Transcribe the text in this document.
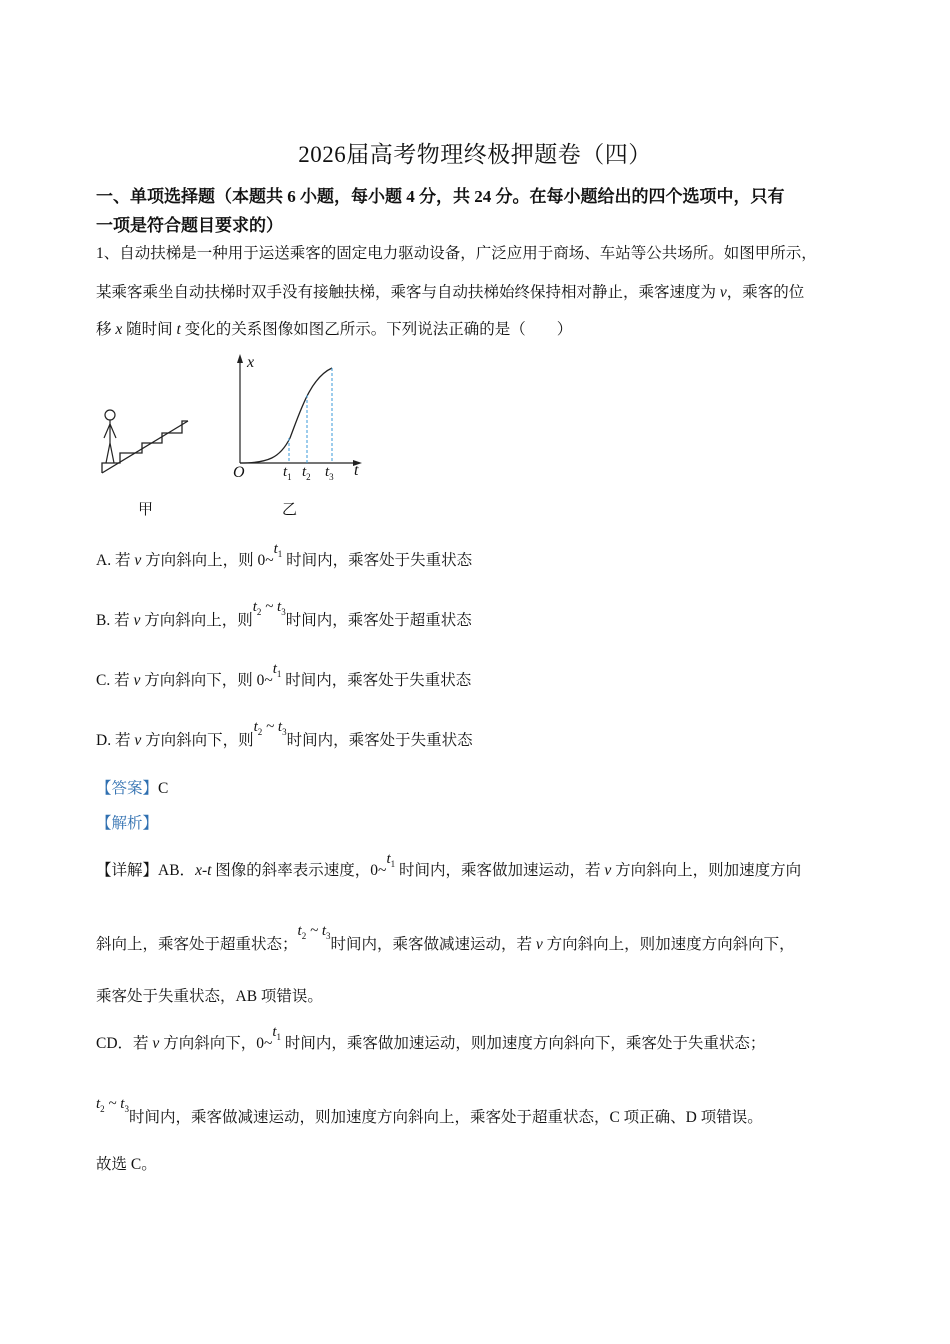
2026届高考物理终极押题卷（四）
一、单项选择题（本题共 6 小题，每小题 4 分，共 24 分。在每小题给出的四个选项中，只有
一项是符合题目要求的）
1、自动扶梯是一种用于运送乘客的固定电力驱动设备，广泛应用于商场、车站等公共场所。如图甲所示，
某乘客乘坐自动扶梯时双手没有接触扶梯，乘客与自动扶梯始终保持相对静止，乘客速度为 v，乘客的位
移 x 随时间 t 变化的关系图像如图乙所示。下列说法正确的是（　　）
甲
x
t
O	$t_1$ $t_2$ $t_3$
乙
A. 若 v 方向斜向上，则 $0\sim t_1$ 时间内，乘客处于失重状态
B. 若 v 方向斜向上，则$t_2$ ~ $t_3$时间内，乘客处于超重状态
C. 若 v 方向斜向下，则 $0\sim t_1$ 时间内，乘客处于失重状态
D. 若 v 方向斜向下，则$t_2$ ~ $t_3$时间内，乘客处于失重状态
【答案】C
【解析】
【详解】AB．x-t 图像的斜率表示速度，$0\sim t_1$ 时间内，乘客做加速运动，若 v 方向斜向上，则加速度方向
斜向上，乘客处于超重状态；$t_2$ ~ $t_3$时间内，乘客做减速运动，若 v 方向斜向上，则加速度方向斜向下，
乘客处于失重状态，AB 项错误。
CD．若 v 方向斜向下，$0\sim t_1$ 时间内，乘客做加速运动，则加速度方向斜向下，乘客处于失重状态；
$t_2$ ~ $t_3$时间内，乘客做减速运动，则加速度方向斜向上，乘客处于超重状态，C 项正确、D 项错误。
故选 C。
